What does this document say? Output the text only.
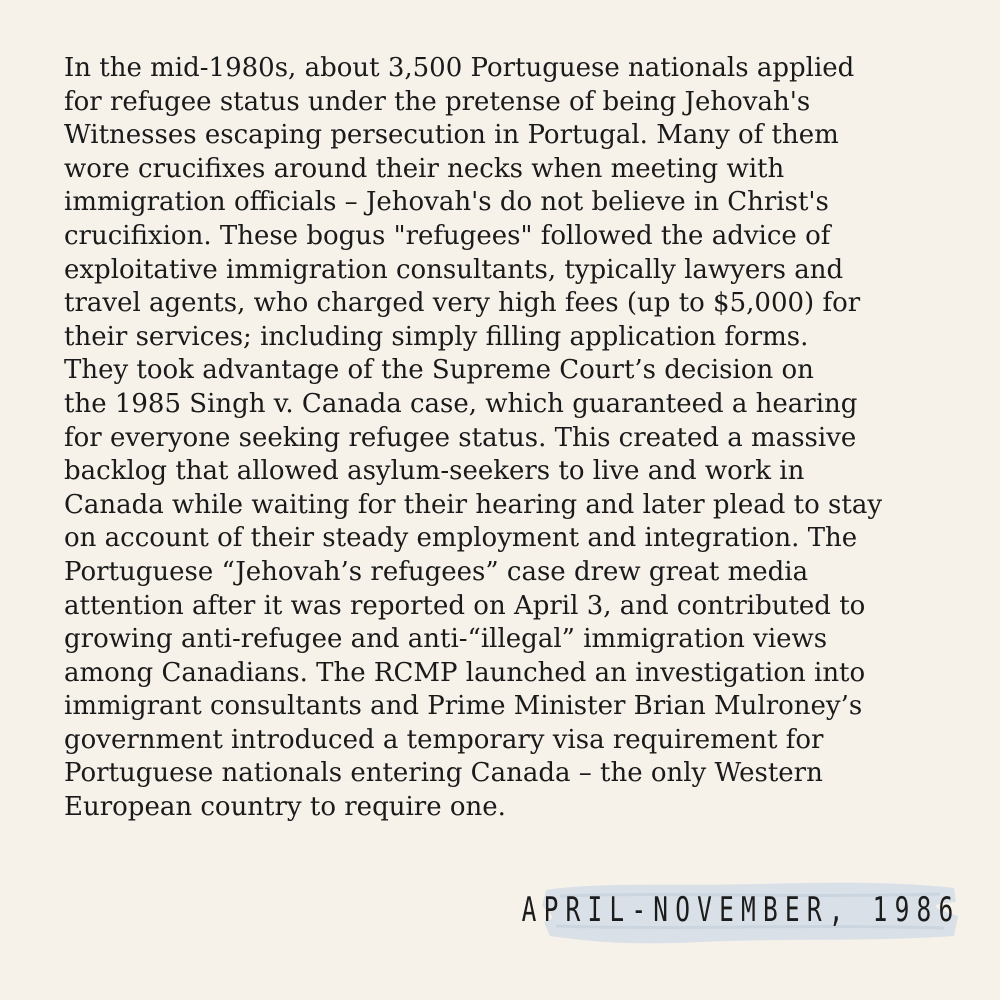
In the mid-1980s, about 3,500 Portuguese nationals applied
for refugee status under the pretense of being Jehovah's
Witnesses escaping persecution in Portugal. Many of them
wore crucifixes around their necks when meeting with
immigration officials – Jehovah's do not believe in Christ's
crucifixion. These bogus "refugees" followed the advice of
exploitative immigration consultants, typically lawyers and
travel agents, who charged very high fees (up to $5,000) for
their services; including simply filling application forms.
They took advantage of the Supreme Court’s decision on
the 1985 Singh v. Canada case, which guaranteed a hearing
for everyone seeking refugee status. This created a massive
backlog that allowed asylum-seekers to live and work in
Canada while waiting for their hearing and later plead to stay
on account of their steady employment and integration. The
Portuguese “Jehovah’s refugees” case drew great media
attention after it was reported on April 3, and contributed to
growing anti-refugee and anti-“illegal” immigration views
among Canadians. The RCMP launched an investigation into
immigrant consultants and Prime Minister Brian Mulroney’s
government introduced a temporary visa requirement for
Portuguese nationals entering Canada – the only Western
European country to require one.

APRIL-NOVEMBER, 1986
